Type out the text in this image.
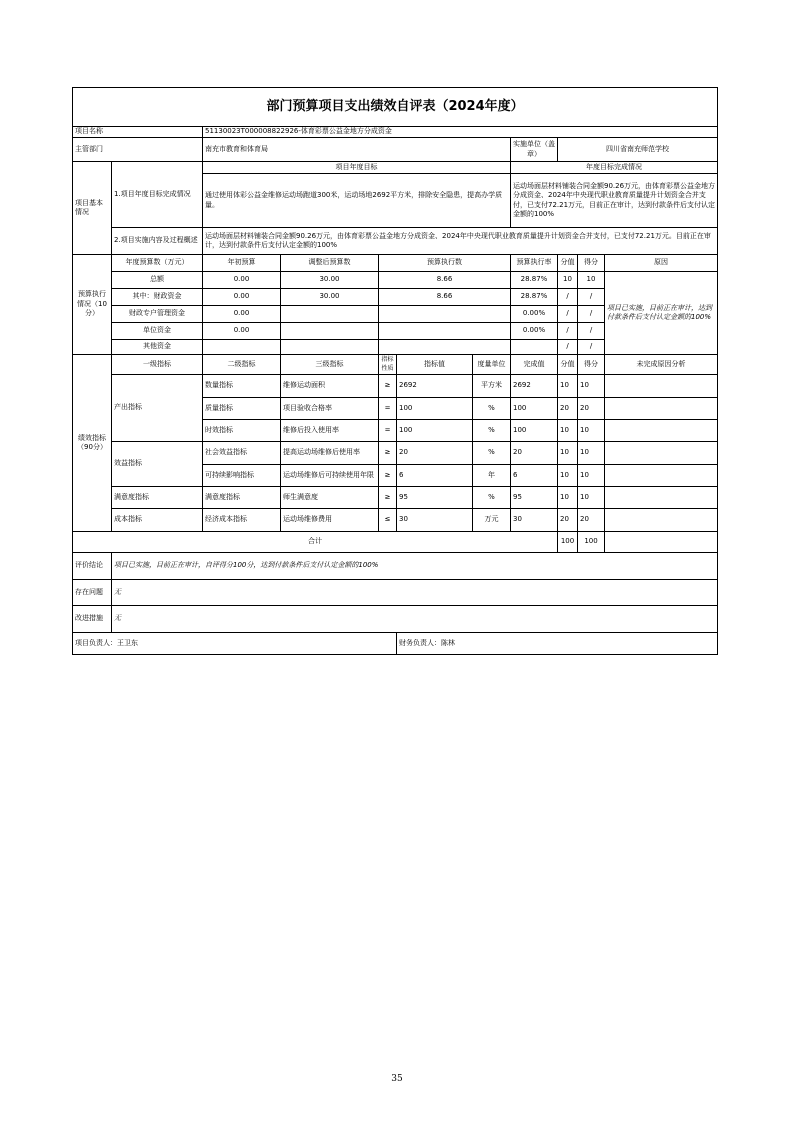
部门预算项目支出绩效自评表（2024年度）										
项目名称		51130023T000008822926-体育彩票公益金地方分成资金								
主管部门		南充市教育和体育局					实施单位（盖章）	四川省南充师范学校		
项目基本情况	1.项目年度目标完成情况	项目年度目标					年度目标完成情况			
		通过使用体彩公益金维修运动场跑道300米，运动场地2692平方米，排除安全隐患，提高办学质量。					运动场面层材料铺装合同金额90.26万元，由体育彩票公益金地方分成资金、2024年中央现代职业教育质量提升计划资金合并支付，已支付72.21万元，目前正在审计，达到付款条件后支付认定金额的100%			
	2.项目实施内容及过程概述	运动场面层材料铺装合同金额90.26万元，由体育彩票公益金地方分成资金、2024年中央现代职业教育质量提升计划资金合并支付，已支付72.21万元。目前正在审计，达到付款条件后支付认定金额的100%								
预算执行情况（10分）	年度预算数（万元）	年初预算	调整后预算数	预算执行数			预算执行率	分值	得分	原因
	总额	0.00	30.00	8.66			28.87%	10	10	项目已实施，目前正在审计，达到付款条件后支付认定金额的100%
	其中：财政资金	0.00	30.00	8.66			28.87%	/	/	
	财政专户管理资金	0.00					0.00%	/	/	
	单位资金	0.00					0.00%	/	/	
	其他资金							/	/	
绩效指标（90分）	一级指标	二级指标	三级指标	指标性质	指标值	度量单位	完成值	分值	得分	未完成原因分析
	产出指标	数量指标	维修运动面积	≥	2692	平方米	2692	10	10	
		质量指标	项目验收合格率	=	100	%	100	20	20	
		时效指标	维修后投入使用率	=	100	%	100	10	10	
	效益指标	社会效益指标	提高运动场维修后使用率	≥	20	%	20	10	10	
		可持续影响指标	运动场维修后可持续使用年限	≥	6	年	6	10	10	
	满意度指标	满意度指标	师生满意度	≥	95	%	95	10	10	
	成本指标	经济成本指标	运动场维修费用	≤	30	万元	30	20	20	
合计								100	100	
评价结论	项目已实施，目前正在审计，自评得分100分，达到付款条件后支付认定金额的100%									
存在问题	无									
改进措施	无									
项目负责人：王卫东					财务负责人：陈林					
35
